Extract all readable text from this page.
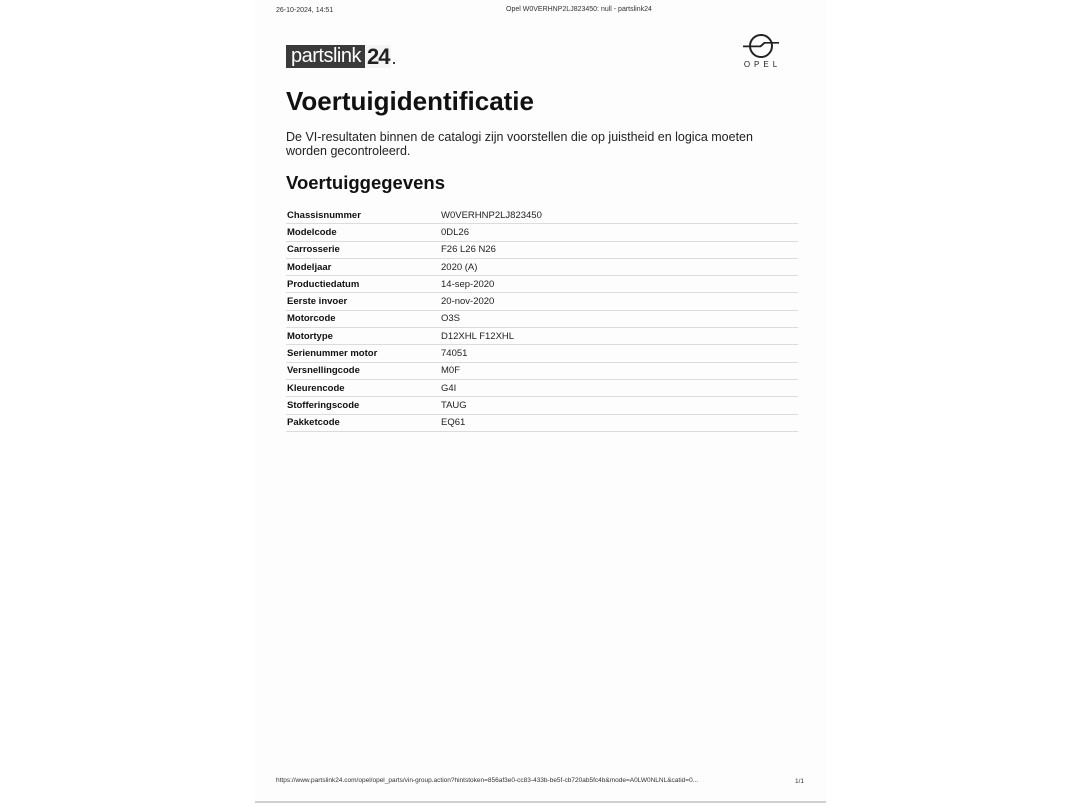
26-10-2024, 14:51	Opel W0VERHNP2LJ823450: null - partslink24
partslink 24 .	OPEL
Voertuigidentificatie

De VI-resultaten binnen de catalogi zijn voorstellen die op juistheid en logica moeten worden gecontroleerd.

Voertuiggegevens
Chassisnummer	W0VERHNP2LJ823450
Modelcode	0DL26
Carrosserie	F26 L26 N26
Modeljaar	2020 (A)
Productiedatum	14-sep-2020
Eerste invoer	20-nov-2020
Motorcode	O3S
Motortype	D12XHL F12XHL
Serienummer motor	74051
Versnellingcode	M0F
Kleurencode	G4I
Stofferingscode	TAUG
Pakketcode	EQ61
https://www.partslink24.com/opel/opel_parts/vin-group.action?hintstoken=856af3e0-cc83-433b-be5f-cb720ab5fc4b&mode=A0LW0NLNL&catid=0...	1/1
